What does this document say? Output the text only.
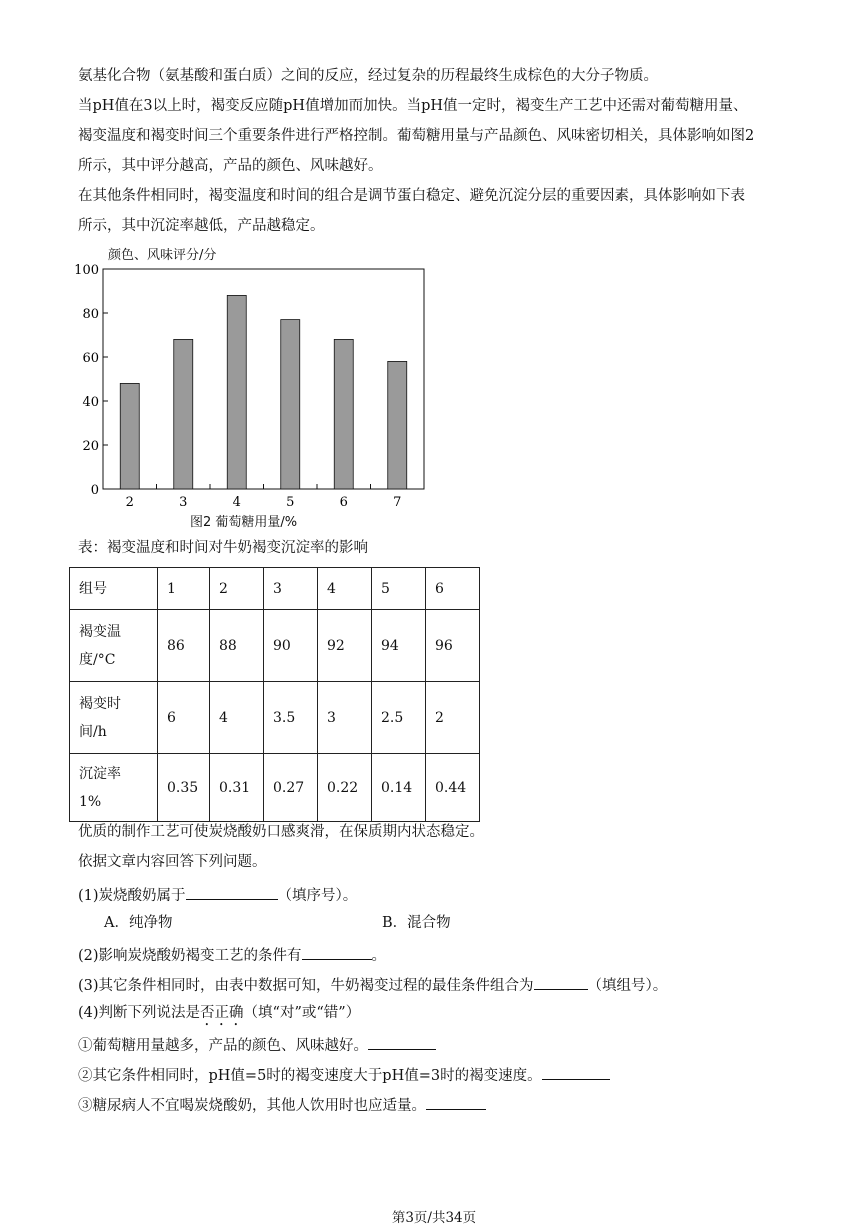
氨基化合物（氨基酸和蛋白质）之间的反应，经过复杂的历程最终生成棕色的大分子物质。
当pH值在3以上时，褐变反应随pH值增加而加快。当pH值一定时，褐变生产工艺中还需对葡萄糖用量、
褐变温度和褐变时间三个重要条件进行严格控制。葡萄糖用量与产品颜色、风味密切相关，具体影响如图2
所示，其中评分越高，产品的颜色、风味越好。
在其他条件相同时，褐变温度和时间的组合是调节蛋白稳定、避免沉淀分层的重要因素，具体影响如下表
所示，其中沉淀率越低，产品越稳定。
颜色、风味评分/分
0
20
40
60
80
100
2	3	4	5	6	7
图2 葡萄糖用量/%
表：褐变温度和时间对牛奶褐变沉淀率的影响
组号	1	2	3	4	5	6

褐变温
度/°C	86	88	90	92	94	96

褐变时
间/h	6	4	3.5	3	2.5	2

沉淀率
1%	0.35	0.31	0.27	0.22	0.14	0.44
优质的制作工艺可使炭烧酸奶口感爽滑，在保质期内状态稳定。
依据文章内容回答下列问题。
(1)炭烧酸奶属于	（填序号）。
A．纯净物	B．混合物
(2)影响炭烧酸奶褐变工艺的条件有	。
(3)其它条件相同时，由表中数据可知，牛奶褐变过程的最佳条件组合为	（填组号）。
(4)判断下列说法是否正确（填“对”或“错”）
①葡萄糖用量越多，产品的颜色、风味越好。
②其它条件相同时，pH值=5时的褐变速度大于pH值=3时的褐变速度。
③糖尿病人不宜喝炭烧酸奶，其他人饮用时也应适量。
第3页/共34页
